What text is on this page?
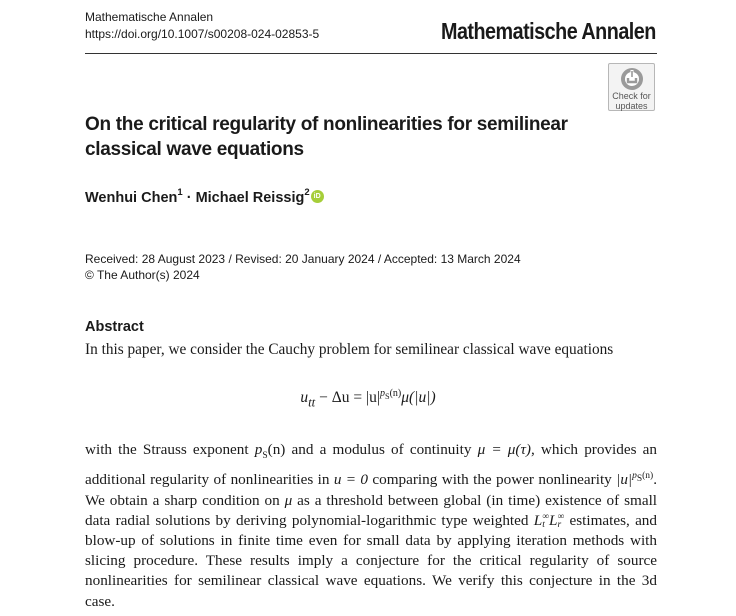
Mathematische Annalen
https://doi.org/10.1007/s00208-024-02853-5	Mathematische Annalen
Check for
updates
On the critical regularity of nonlinearities for semilinear classical wave equations
Wenhui Chen$^1$ · Michael Reissig$^2$ iD
Received: 28 August 2023 / Revised: 20 January 2024 / Accepted: 13 March 2024
© The Author(s) 2024
Abstract
In this paper, we consider the Cauchy problem for semilinear classical wave equations
$u_{tt} - \Delta u = |u|^{p_S(n)}\mu(|u|)$
with the Strauss exponent $p_S(n)$ and a modulus of continuity μ = μ(τ), which provides an additional regularity of nonlinearities in u = 0 comparing with the power nonlinearity $|u|^{p_S(n)}$. We obtain a sharp condition on μ as a threshold between global (in time) existence of small data radial solutions by deriving polynomial-logarithmic type weighted L ∞
t L ∞
r estimates, and blow-up of solutions in finite time even for small data by applying iteration methods with slicing procedure. These results imply a conjecture for the critical regularity of source nonlinearities for semilinear classical wave equations. We verify this conjecture in the 3d case.
